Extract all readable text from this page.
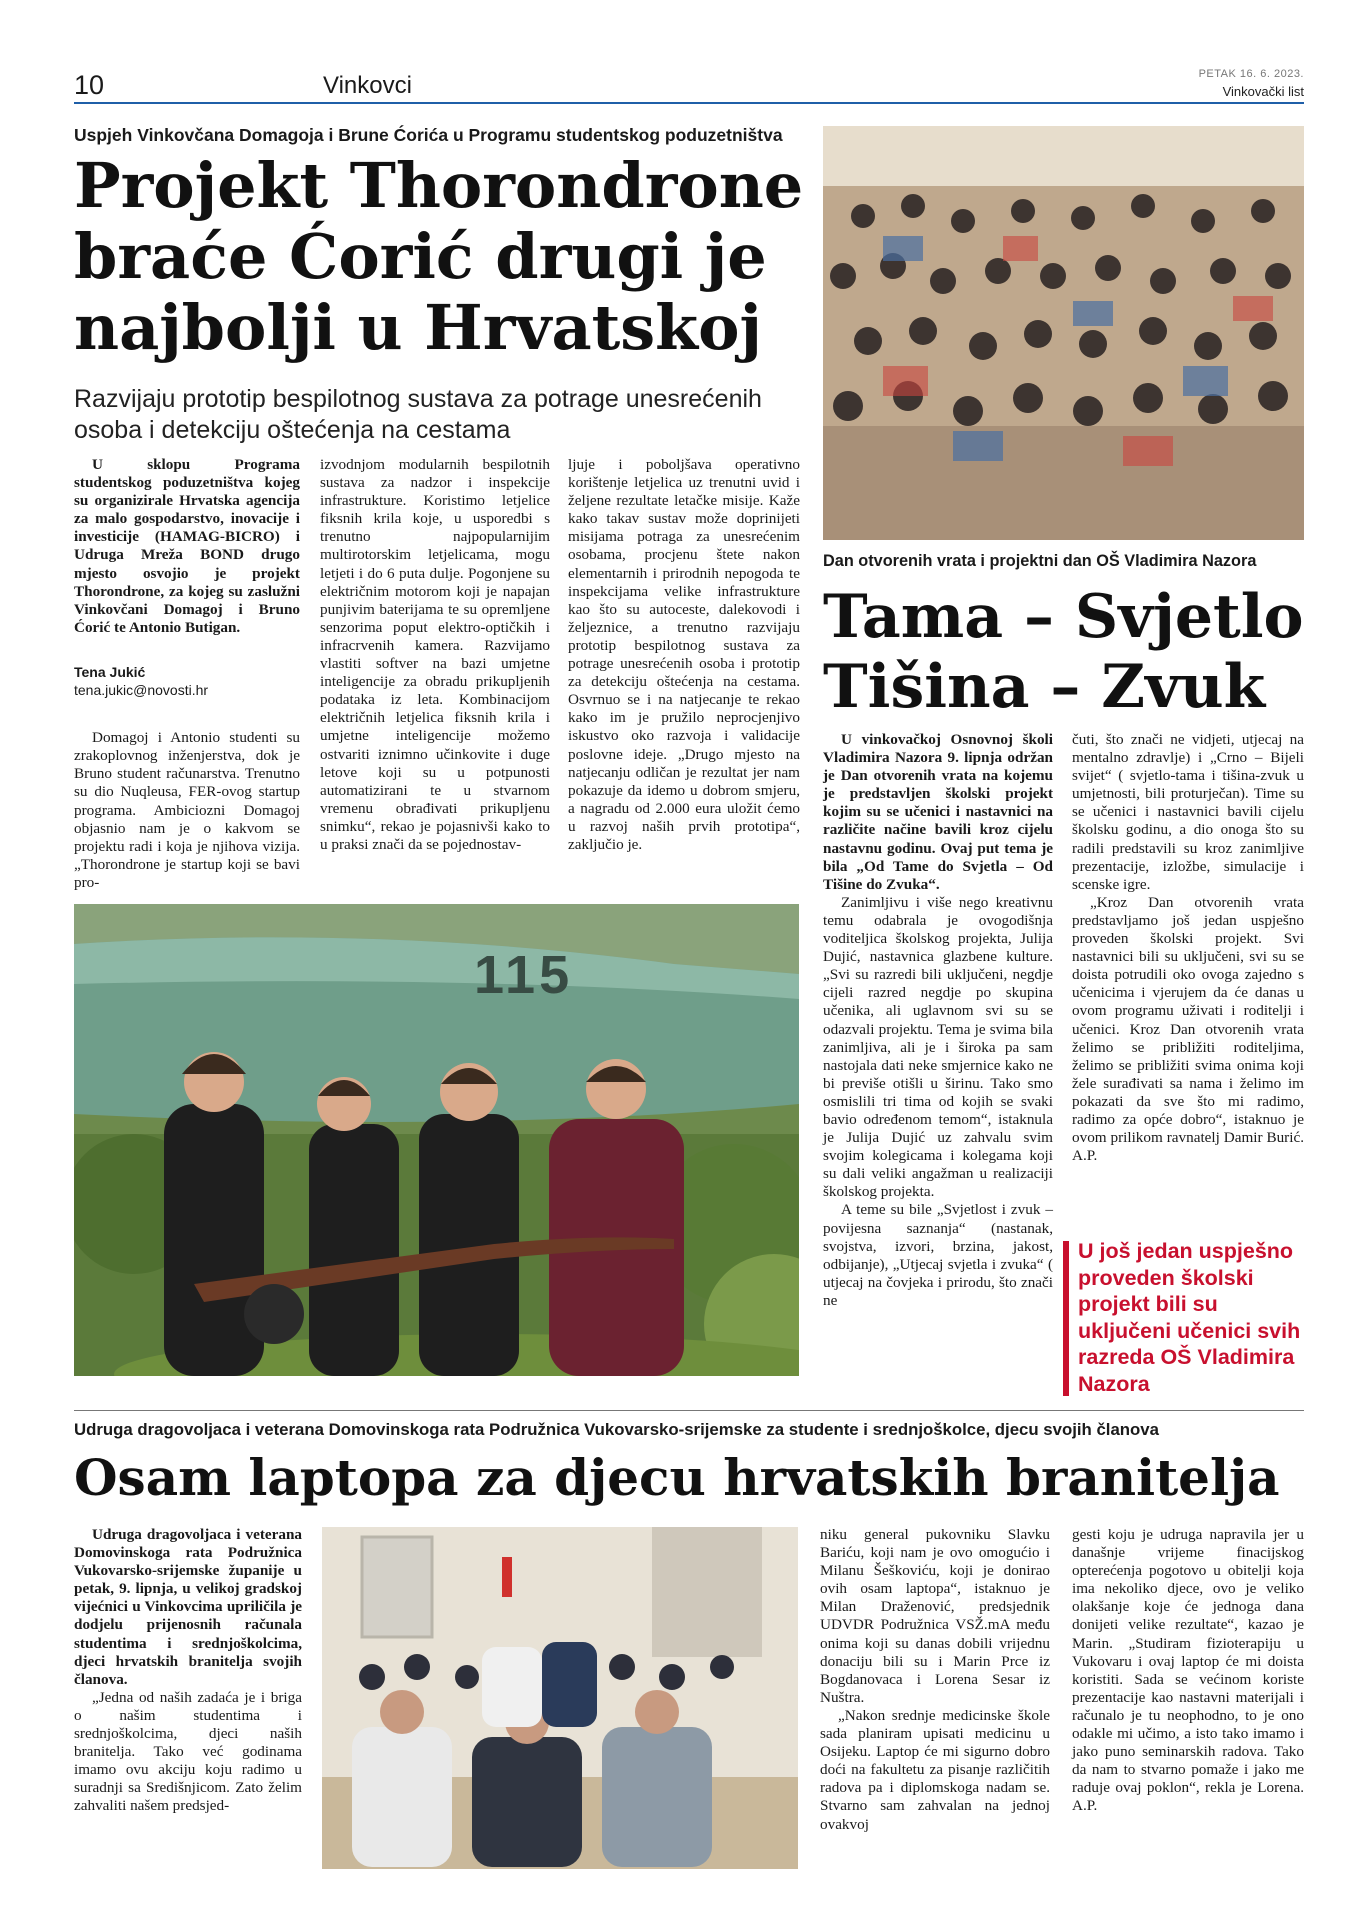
10	Vinkovci	PETAK 16. 6. 2023.
Vinkovački list
Uspjeh Vinkovčana Domagoja i Brune Ćorića u Programu studentskog poduzetništva
Projekt Thorondrone braće Ćorić drugi je najbolji u Hrvatskoj
Razvijaju prototip bespilotnog sustava za potrage unesrećenih osoba i detekciju oštećenja na cestama

U sklopu Programa studentskog poduzetništva kojeg su organizirale Hrvatska agencija za malo gospodarstvo, inovacije i investicije (HAMAG-BICRO) i Udruga Mreža BOND drugo mjesto osvojio je projekt Thorondrone, za kojeg su zaslužni Vinkovčani Domagoj i Bruno Ćorić te Antonio Butigan.

Tena Jukić
tena.jukic@novosti.hr

Domagoj i Antonio studenti su zrakoplovnog inženjerstva, dok je Bruno student računarstva. Trenutno su dio Nuqleusa, FER-ovog startup programa. Ambiciozni Domagoj objasnio nam je o kakvom se projektu radi i koja je njihova vizija. „Thorondrone je startup koji se bavi pro-

izvodnjom modularnih bespilotnih sustava za nadzor i inspekcije infrastrukture. Koristimo letjelice fiksnih krila koje, u usporedbi s trenutno najpopularnijim multirotorskim letjelicama, mogu letjeti i do 6 puta dulje. Pogonjene su električnim motorom koji je napajan punjivim baterijama te su opremljene senzorima poput elektro-optičkih i infracrvenih kamera. Razvijamo vlastiti softver na bazi umjetne inteligencije za obradu prikupljenih podataka iz leta. Kombinacijom električnih letjelica fiksnih krila i umjetne inteligencije možemo ostvariti iznimno učinkovite i duge letove koji su u potpunosti automatizirani te u stvarnom vremenu obrađivati prikupljenu snimku“, rekao je pojasnivši kako to u praksi znači da se pojednostav-

ljuje i poboljšava operativno korištenje letjelica uz trenutni uvid i željene rezultate letačke misije. Kaže kako takav sustav može doprinijeti misijama potraga za unesrećenim osobama, procjenu štete nakon elementarnih i prirodnih nepogoda te inspekcijama velike infrastrukture kao što su autoceste, dalekovodi i željeznice, a trenutno razvijaju prototip bespilotnog sustava za potrage unesrećenih osoba i prototip za detekciju oštećenja na cestama. Osvrnuo se i na natjecanje te rekao kako im je pružilo neprocjenjivo iskustvo oko razvoja i validacije poslovne ideje. „Drugo mjesto na natjecanju odličan je rezultat jer nam pokazuje da idemo u dobrom smjeru, a nagradu od 2.000 eura uložit ćemo u razvoj naših prvih prototipa“, zaključio je.

115
Dan otvorenih vrata i projektni dan OŠ Vladimira Nazora
Tama – Svjetlo
Tišina – Zvuk

U vinkovačkoj Osnovnoj školi Vladimira Nazora 9. lipnja održan je Dan otvorenih vrata na kojemu je predstavljen školski projekt kojim su se učenici i nastavnici na različite načine bavili kroz cijelu nastavnu godinu. Ovaj put tema je bila „Od Tame do Svjetla – Od Tišine do Zvuka“.

Zanimljivu i više nego kreativnu temu odabrala je ovogodišnja voditeljica školskog projekta, Julija Dujić, nastavnica glazbene kulture. „Svi su razredi bili uključeni, negdje cijeli razred negdje po skupina učenika, ali uglavnom svi su se odazvali projektu. Tema je svima bila zanimljiva, ali je i široka pa sam nastojala dati neke smjernice kako ne bi previše otišli u širinu. Tako smo osmislili tri tima od kojih se svaki bavio određenom temom“, istaknula je Julija Dujić uz zahvalu svim svojim kolegicama i kolegama koji su dali veliki angažman u realizaciji školskog projekta.

A teme su bile „Svjetlost i zvuk – povijesna saznanja“ (nastanak, svojstva, izvori, brzina, jakost, odbijanje), „Utjecaj svjetla i zvuka“ ( utjecaj na čovjeka i prirodu, što znači ne

čuti, što znači ne vidjeti, utjecaj na mentalno zdravlje) i „Crno – Bijeli svijet“ ( svjetlo-tama i tišina-zvuk u umjetnosti, bili proturječan). Time su se učenici i nastavnici bavili cijelu školsku godinu, a dio onoga što su radili predstavili su kroz zanimljive prezentacije, izložbe, simulacije i scenske igre.

„Kroz Dan otvorenih vrata predstavljamo još jedan uspješno proveden školski projekt. Svi nastavnici bili su uključeni, svi su se doista potrudili oko ovoga zajedno s učenicima i vjerujem da će danas u ovom programu uživati i roditelji i učenici. Kroz Dan otvorenih vrata želimo se približiti roditeljima, želimo se približiti svima onima koji žele surađivati sa nama i želimo im pokazati da sve što mi radimo, radimo za opće dobro“, istaknuo je ovom prilikom ravnatelj Damir Burić. A.P.

U još jedan uspješno proveden školski projekt bili su uključeni učenici svih razreda OŠ Vladimira Nazora
Udruga dragovoljaca i veterana Domovinskoga rata Podružnica Vukovarsko-srijemske za studente i srednjoškolce, djecu svojih članova
Osam laptopa za djecu hrvatskih branitelja

Udruga dragovoljaca i veterana Domovinskoga rata Podružnica Vukovarsko-srijemske županije u petak, 9. lipnja, u velikoj gradskoj vijećnici u Vinkovcima upriličila je dodjelu prijenosnih računala studentima i srednjoškolcima, djeci hrvatskih branitelja svojih članova.

„Jedna od naših zadaća je i briga o našim studentima i srednjoškolcima, djeci naših branitelja. Tako već godinama imamo ovu akciju koju radimo u suradnji sa Središnjicom. Zato želim zahvaliti našem predsjed-

niku general pukovniku Slavku Bariću, koji nam je ovo omogućio i Milanu Šeškoviću, koji je donirao ovih osam laptopa“, istaknuo je Milan Draženović, predsjednik UDVDR Podružnica VSŽ.mA među onima koji su danas dobili vrijednu donaciju bili su i Marin Prce iz Bogdanovaca i Lorena Sesar iz Nuštra.

„Nakon srednje medicinske škole sada planiram upisati medicinu u Osijeku. Laptop će mi sigurno dobro doći na fakultetu za pisanje različitih radova pa i diplomskoga nadam se. Stvarno sam zahvalan na jednoj ovakvoj

gesti koju je udruga napravila jer u današnje vrijeme finacijskog opterećenja pogotovo u obitelji koja ima nekoliko djece, ovo je veliko olakšanje koje će jednoga dana donijeti velike rezultate“, kazao je Marin. „Studiram fizioterapiju u Vukovaru i ovaj laptop će mi doista koristiti. Sada se većinom koriste prezentacije kao nastavni materijali i računalo je tu neophodno, to je ono odakle mi učimo, a isto tako imamo i jako puno seminarskih radova. Tako da nam to stvarno pomaže i jako me raduje ovaj poklon“, rekla je Lorena. A.P.
